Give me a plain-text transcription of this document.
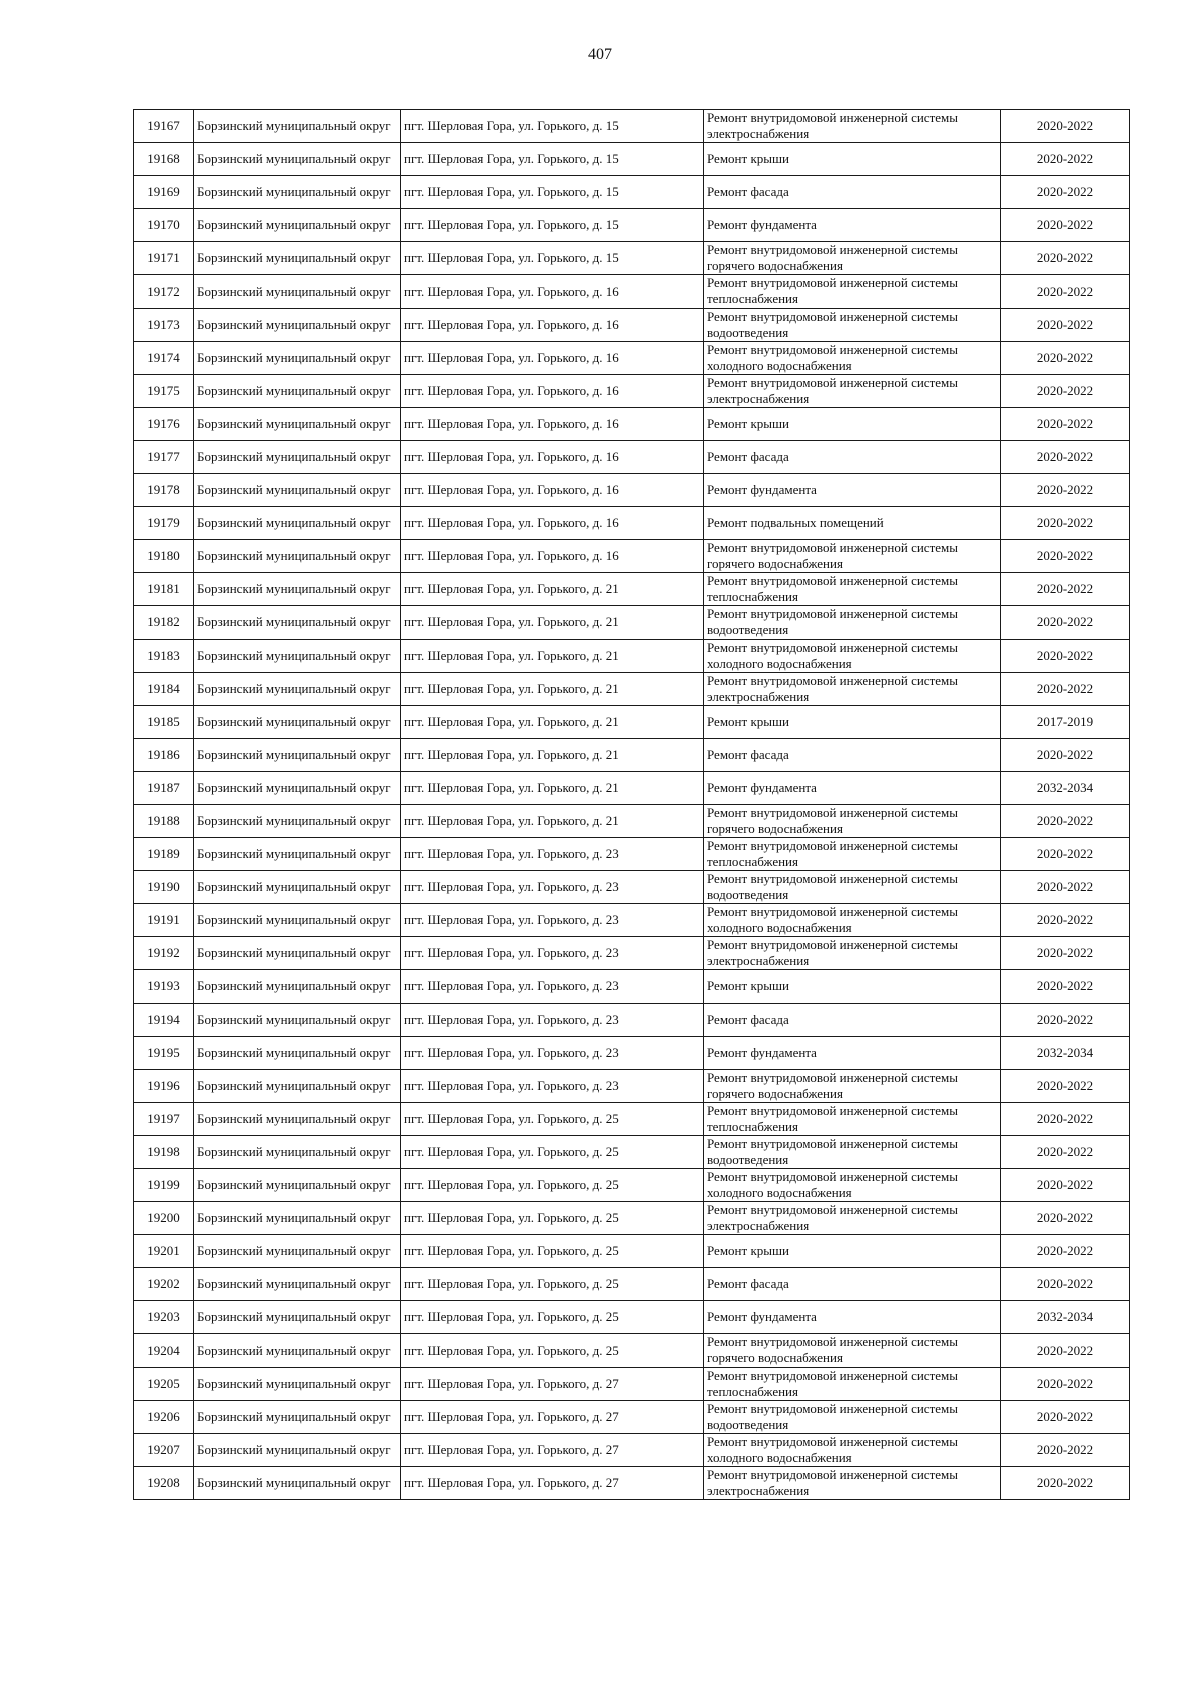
407
19167	Борзинский муниципальный округ	пгт. Шерловая Гора, ул. Горького, д. 15	Ремонт внутридомовой инженерной системы электроснабжения	2020-2022
19168	Борзинский муниципальный округ	пгт. Шерловая Гора, ул. Горького, д. 15	Ремонт крыши	2020-2022
19169	Борзинский муниципальный округ	пгт. Шерловая Гора, ул. Горького, д. 15	Ремонт фасада	2020-2022
19170	Борзинский муниципальный округ	пгт. Шерловая Гора, ул. Горького, д. 15	Ремонт фундамента	2020-2022
19171	Борзинский муниципальный округ	пгт. Шерловая Гора, ул. Горького, д. 15	Ремонт внутридомовой инженерной системы горячего водоснабжения	2020-2022
19172	Борзинский муниципальный округ	пгт. Шерловая Гора, ул. Горького, д. 16	Ремонт внутридомовой инженерной системы теплоснабжения	2020-2022
19173	Борзинский муниципальный округ	пгт. Шерловая Гора, ул. Горького, д. 16	Ремонт внутридомовой инженерной системы водоотведения	2020-2022
19174	Борзинский муниципальный округ	пгт. Шерловая Гора, ул. Горького, д. 16	Ремонт внутридомовой инженерной системы холодного водоснабжения	2020-2022
19175	Борзинский муниципальный округ	пгт. Шерловая Гора, ул. Горького, д. 16	Ремонт внутридомовой инженерной системы электроснабжения	2020-2022
19176	Борзинский муниципальный округ	пгт. Шерловая Гора, ул. Горького, д. 16	Ремонт крыши	2020-2022
19177	Борзинский муниципальный округ	пгт. Шерловая Гора, ул. Горького, д. 16	Ремонт фасада	2020-2022
19178	Борзинский муниципальный округ	пгт. Шерловая Гора, ул. Горького, д. 16	Ремонт фундамента	2020-2022
19179	Борзинский муниципальный округ	пгт. Шерловая Гора, ул. Горького, д. 16	Ремонт подвальных помещений	2020-2022
19180	Борзинский муниципальный округ	пгт. Шерловая Гора, ул. Горького, д. 16	Ремонт внутридомовой инженерной системы горячего водоснабжения	2020-2022
19181	Борзинский муниципальный округ	пгт. Шерловая Гора, ул. Горького, д. 21	Ремонт внутридомовой инженерной системы теплоснабжения	2020-2022
19182	Борзинский муниципальный округ	пгт. Шерловая Гора, ул. Горького, д. 21	Ремонт внутридомовой инженерной системы водоотведения	2020-2022
19183	Борзинский муниципальный округ	пгт. Шерловая Гора, ул. Горького, д. 21	Ремонт внутридомовой инженерной системы холодного водоснабжения	2020-2022
19184	Борзинский муниципальный округ	пгт. Шерловая Гора, ул. Горького, д. 21	Ремонт внутридомовой инженерной системы электроснабжения	2020-2022
19185	Борзинский муниципальный округ	пгт. Шерловая Гора, ул. Горького, д. 21	Ремонт крыши	2017-2019
19186	Борзинский муниципальный округ	пгт. Шерловая Гора, ул. Горького, д. 21	Ремонт фасада	2020-2022
19187	Борзинский муниципальный округ	пгт. Шерловая Гора, ул. Горького, д. 21	Ремонт фундамента	2032-2034
19188	Борзинский муниципальный округ	пгт. Шерловая Гора, ул. Горького, д. 21	Ремонт внутридомовой инженерной системы горячего водоснабжения	2020-2022
19189	Борзинский муниципальный округ	пгт. Шерловая Гора, ул. Горького, д. 23	Ремонт внутридомовой инженерной системы теплоснабжения	2020-2022
19190	Борзинский муниципальный округ	пгт. Шерловая Гора, ул. Горького, д. 23	Ремонт внутридомовой инженерной системы водоотведения	2020-2022
19191	Борзинский муниципальный округ	пгт. Шерловая Гора, ул. Горького, д. 23	Ремонт внутридомовой инженерной системы холодного водоснабжения	2020-2022
19192	Борзинский муниципальный округ	пгт. Шерловая Гора, ул. Горького, д. 23	Ремонт внутридомовой инженерной системы электроснабжения	2020-2022
19193	Борзинский муниципальный округ	пгт. Шерловая Гора, ул. Горького, д. 23	Ремонт крыши	2020-2022
19194	Борзинский муниципальный округ	пгт. Шерловая Гора, ул. Горького, д. 23	Ремонт фасада	2020-2022
19195	Борзинский муниципальный округ	пгт. Шерловая Гора, ул. Горького, д. 23	Ремонт фундамента	2032-2034
19196	Борзинский муниципальный округ	пгт. Шерловая Гора, ул. Горького, д. 23	Ремонт внутридомовой инженерной системы горячего водоснабжения	2020-2022
19197	Борзинский муниципальный округ	пгт. Шерловая Гора, ул. Горького, д. 25	Ремонт внутридомовой инженерной системы теплоснабжения	2020-2022
19198	Борзинский муниципальный округ	пгт. Шерловая Гора, ул. Горького, д. 25	Ремонт внутридомовой инженерной системы водоотведения	2020-2022
19199	Борзинский муниципальный округ	пгт. Шерловая Гора, ул. Горького, д. 25	Ремонт внутридомовой инженерной системы холодного водоснабжения	2020-2022
19200	Борзинский муниципальный округ	пгт. Шерловая Гора, ул. Горького, д. 25	Ремонт внутридомовой инженерной системы электроснабжения	2020-2022
19201	Борзинский муниципальный округ	пгт. Шерловая Гора, ул. Горького, д. 25	Ремонт крыши	2020-2022
19202	Борзинский муниципальный округ	пгт. Шерловая Гора, ул. Горького, д. 25	Ремонт фасада	2020-2022
19203	Борзинский муниципальный округ	пгт. Шерловая Гора, ул. Горького, д. 25	Ремонт фундамента	2032-2034
19204	Борзинский муниципальный округ	пгт. Шерловая Гора, ул. Горького, д. 25	Ремонт внутридомовой инженерной системы горячего водоснабжения	2020-2022
19205	Борзинский муниципальный округ	пгт. Шерловая Гора, ул. Горького, д. 27	Ремонт внутридомовой инженерной системы теплоснабжения	2020-2022
19206	Борзинский муниципальный округ	пгт. Шерловая Гора, ул. Горького, д. 27	Ремонт внутридомовой инженерной системы водоотведения	2020-2022
19207	Борзинский муниципальный округ	пгт. Шерловая Гора, ул. Горького, д. 27	Ремонт внутридомовой инженерной системы холодного водоснабжения	2020-2022
19208	Борзинский муниципальный округ	пгт. Шерловая Гора, ул. Горького, д. 27	Ремонт внутридомовой инженерной системы электроснабжения	2020-2022
